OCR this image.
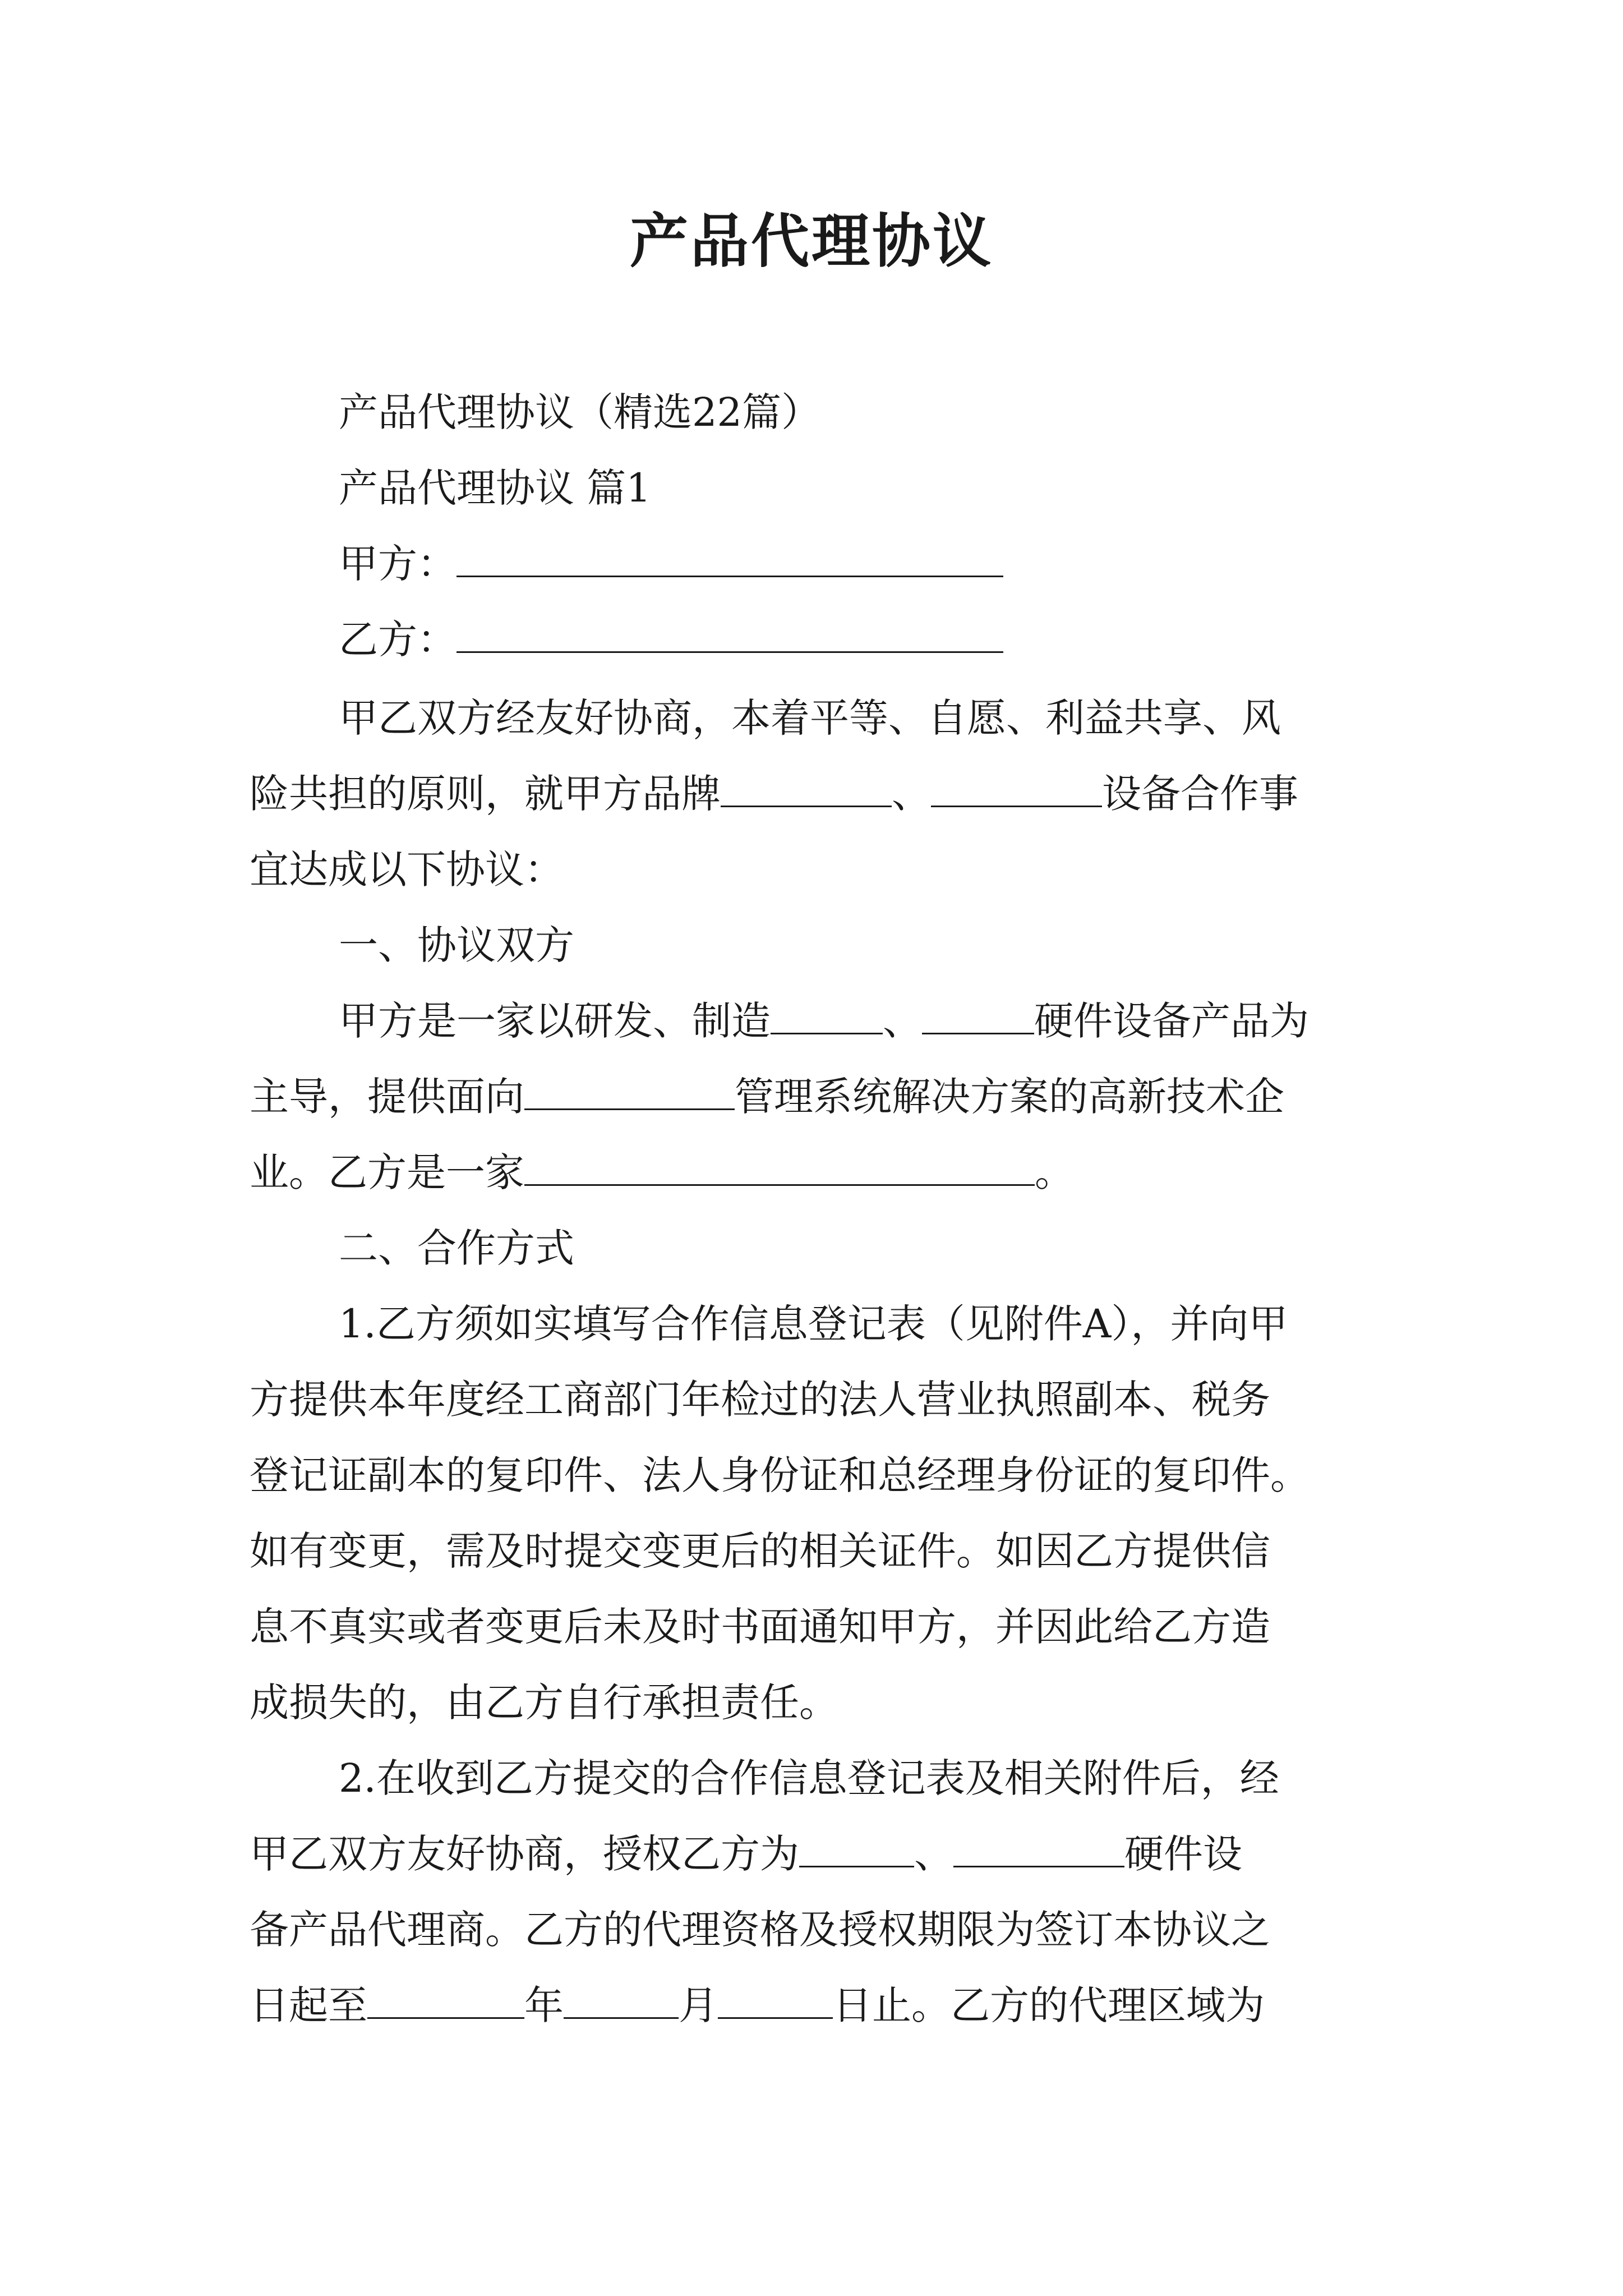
产品代理协议
产品代理协议（精选22篇）
产品代理协议 篇1
甲方：
乙方：
甲乙双方经友好协商，本着平等、自愿、利益共享、风
险共担的原则，就甲方品牌	、	设备合作事
宜达成以下协议：
一、协议双方
甲方是一家以研发、制造	、	硬件设备产品为
主导，提供面向	管理系统解决方案的高新技术企
业。乙方是一家	。
二、合作方式
1.乙方须如实填写合作信息登记表（见附件A），并向甲
方提供本年度经工商部门年检过的法人营业执照副本、税务
登记证副本的复印件、法人身份证和总经理身份证的复印件。
如有变更，需及时提交变更后的相关证件。如因乙方提供信
息不真实或者变更后未及时书面通知甲方，并因此给乙方造
成损失的，由乙方自行承担责任。
2.在收到乙方提交的合作信息登记表及相关附件后，经
甲乙双方友好协商，授权乙方为	、	硬件设
备产品代理商。乙方的代理资格及授权期限为签订本协议之
日起至	年	月	日止。乙方的代理区域为
